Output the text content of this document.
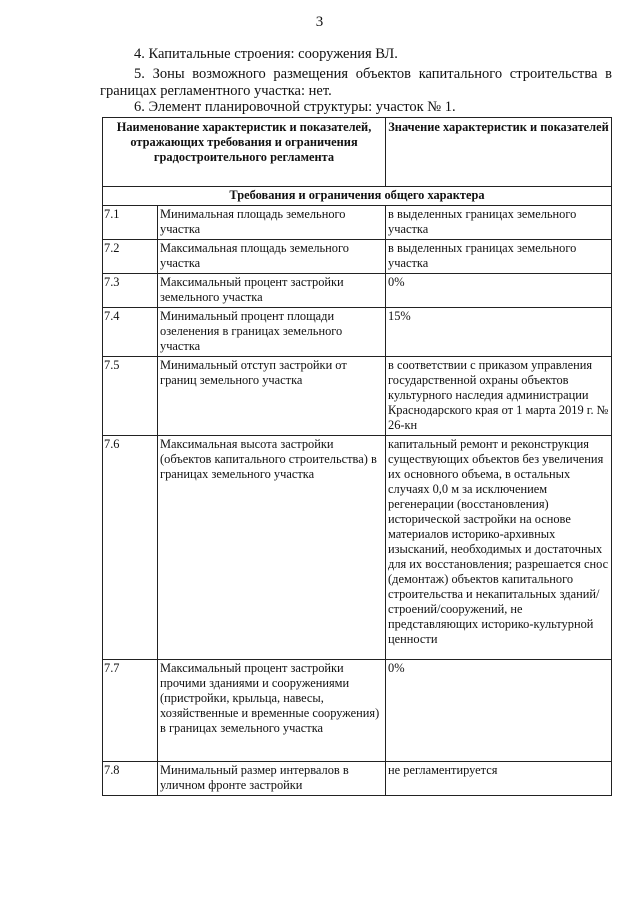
3
4. Капитальные строения: сооружения ВЛ.
5. Зоны возможного размещения объектов капитального строительства в границах регламентного участка: нет.
6. Элемент планировочной структуры: участок № 1.
Наименование характеристик и показателей, отражающих требования и ограничения градостроительного регламента		Значение характеристик и показателей
Требования и ограничения общего характера		
7.1	Минимальная площадь земельного участка	в выделенных границах земельного участка
7.2	Максимальная площадь земельного участка	в выделенных границах земельного участка
7.3	Максимальный процент застройки земельного участка	0%
7.4	Минимальный процент площади озеленения в границах земельного участка	15%
7.5	Минимальный отступ застройки от границ земельного участка	в соответствии с приказом управления государственной охраны объектов культурного наследия администрации Краснодарского края от 1 марта 2019 г. № 26-кн
7.6	Максимальная высота застройки (объектов капитального строительства) в границах земельного участка	капитальный ремонт и реконструкция существующих объектов без увеличения их основного объема, в остальных случаях 0,0 м за исключением регенерации (восстановления) исторической застройки на основе материалов историко-архивных изысканий, необходимых и достаточных для их восстановления; разрешается снос (демонтаж) объектов капитального строительства и некапитальных зданий/строений/сооружений, не представляющих историко-культурной ценности
7.7	Максимальный процент застройки прочими зданиями и сооружениями (пристройки, крыльца, навесы, хозяйственные и временные сооружения) в границах земельного участка	0%
7.8	Минимальный размер интервалов в уличном фронте застройки	не регламентируется
